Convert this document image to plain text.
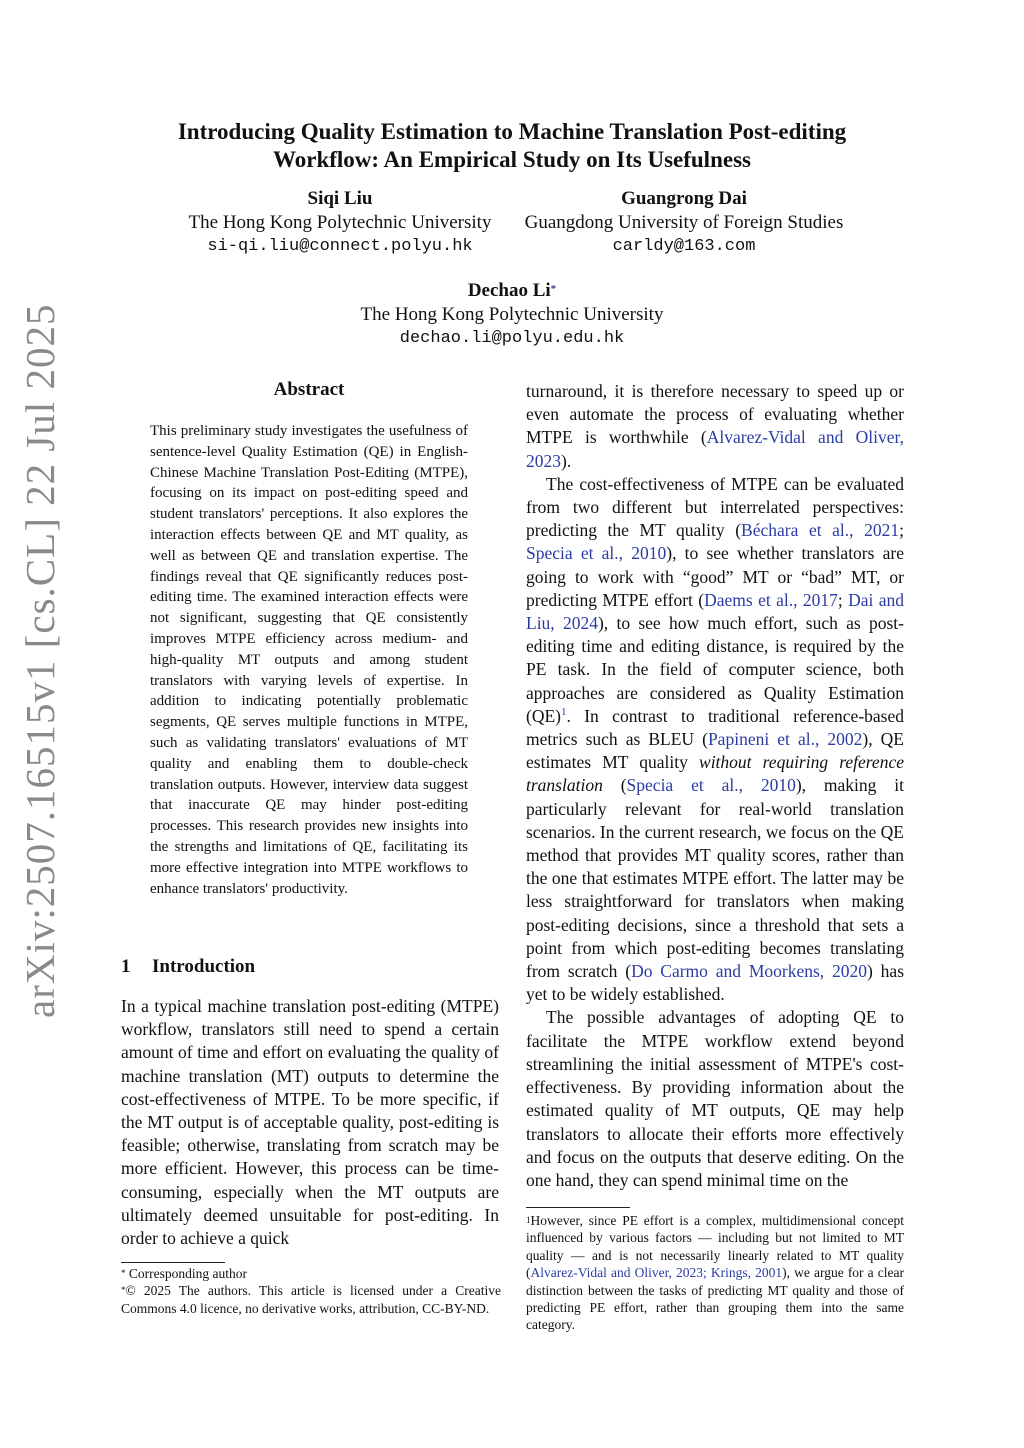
arXiv:2507.16515v1 [cs.CL] 22 Jul 2025
Introducing Quality Estimation to Machine Translation Post-editing
Workflow: An Empirical Study on Its Usefulness
Siqi Liu
The Hong Kong Polytechnic University
si-qi.liu@connect.polyu.hk
Guangrong Dai
Guangdong University of Foreign Studies
carldy@163.com
Dechao Li*
The Hong Kong Polytechnic University
dechao.li@polyu.edu.hk
Abstract
This preliminary study investigates the usefulness of sentence-level Quality Estimation (QE) in English-Chinese Machine Translation Post-Editing (MTPE), focusing on its impact on post-editing speed and student translators' perceptions. It also explores the interaction effects between QE and MT quality, as well as between QE and translation expertise. The findings reveal that QE significantly reduces post-editing time. The examined interaction effects were not significant, suggesting that QE consistently improves MTPE efficiency across medium- and high-quality MT outputs and among student translators with varying levels of expertise. In addition to indicating potentially problematic segments, QE serves multiple functions in MTPE, such as validating translators' evaluations of MT quality and enabling them to double-check translation outputs. However, interview data suggest that inaccurate QE may hinder post-editing processes. This research provides new insights into the strengths and limitations of QE, facilitating its more effective integration into MTPE workflows to enhance translators' productivity.
1 Introduction

In a typical machine translation post-editing (MTPE) workflow, translators still need to spend a certain amount of time and effort on evaluating the quality of machine translation (MT) outputs to determine the cost-effectiveness of MTPE. To be more specific, if the MT output is of acceptable quality, post-editing is feasible; otherwise, translating from scratch may be more efficient. However, this process can be time-consuming, especially when the MT outputs are ultimately deemed unsuitable for post-editing. In order to achieve a quick

turnaround, it is therefore necessary to speed up or even automate the process of evaluating whether MTPE is worthwhile (Alvarez-Vidal and Oliver, 2023).

The cost-effectiveness of MTPE can be evaluated from two different but interrelated perspectives: predicting the MT quality (Béchara et al., 2021; Specia et al., 2010), to see whether translators are going to work with “good” MT or “bad” MT, or predicting MTPE effort (Daems et al., 2017; Dai and Liu, 2024), to see how much effort, such as post-editing time and editing distance, is required by the PE task. In the field of computer science, both approaches are considered as Quality Estimation (QE)$^1$. In contrast to traditional reference-based metrics such as BLEU (Papineni et al., 2002), QE estimates MT quality without requiring reference translation (Specia et al., 2010), making it particularly relevant for real-world translation scenarios. In the current research, we focus on the QE method that provides MT quality scores, rather than the one that estimates MTPE effort. The latter may be less straightforward for translators when making post-editing decisions, since a threshold that sets a point from which post-editing becomes translating from scratch (Do Carmo and Moorkens, 2020) has yet to be widely established.

The possible advantages of adopting QE to facilitate the MTPE workflow extend beyond streamlining the initial assessment of MTPE's cost-effectiveness. By providing information about the estimated quality of MT outputs, QE may help translators to allocate their efforts more effectively and focus on the outputs that deserve editing. On the one hand, they can spend minimal time on the

* Corresponding author

*© 2025 The authors. This article is licensed under a Creative Commons 4.0 licence, no derivative works, attribution, CC-BY-ND.

$^1$However, since PE effort is a complex, multidimensional concept influenced by various factors — including but not limited to MT quality — and is not necessarily linearly related to MT quality (Alvarez-Vidal and Oliver, 2023; Krings, 2001), we argue for a clear distinction between the tasks of predicting MT quality and those of predicting PE effort, rather than grouping them into the same category.
